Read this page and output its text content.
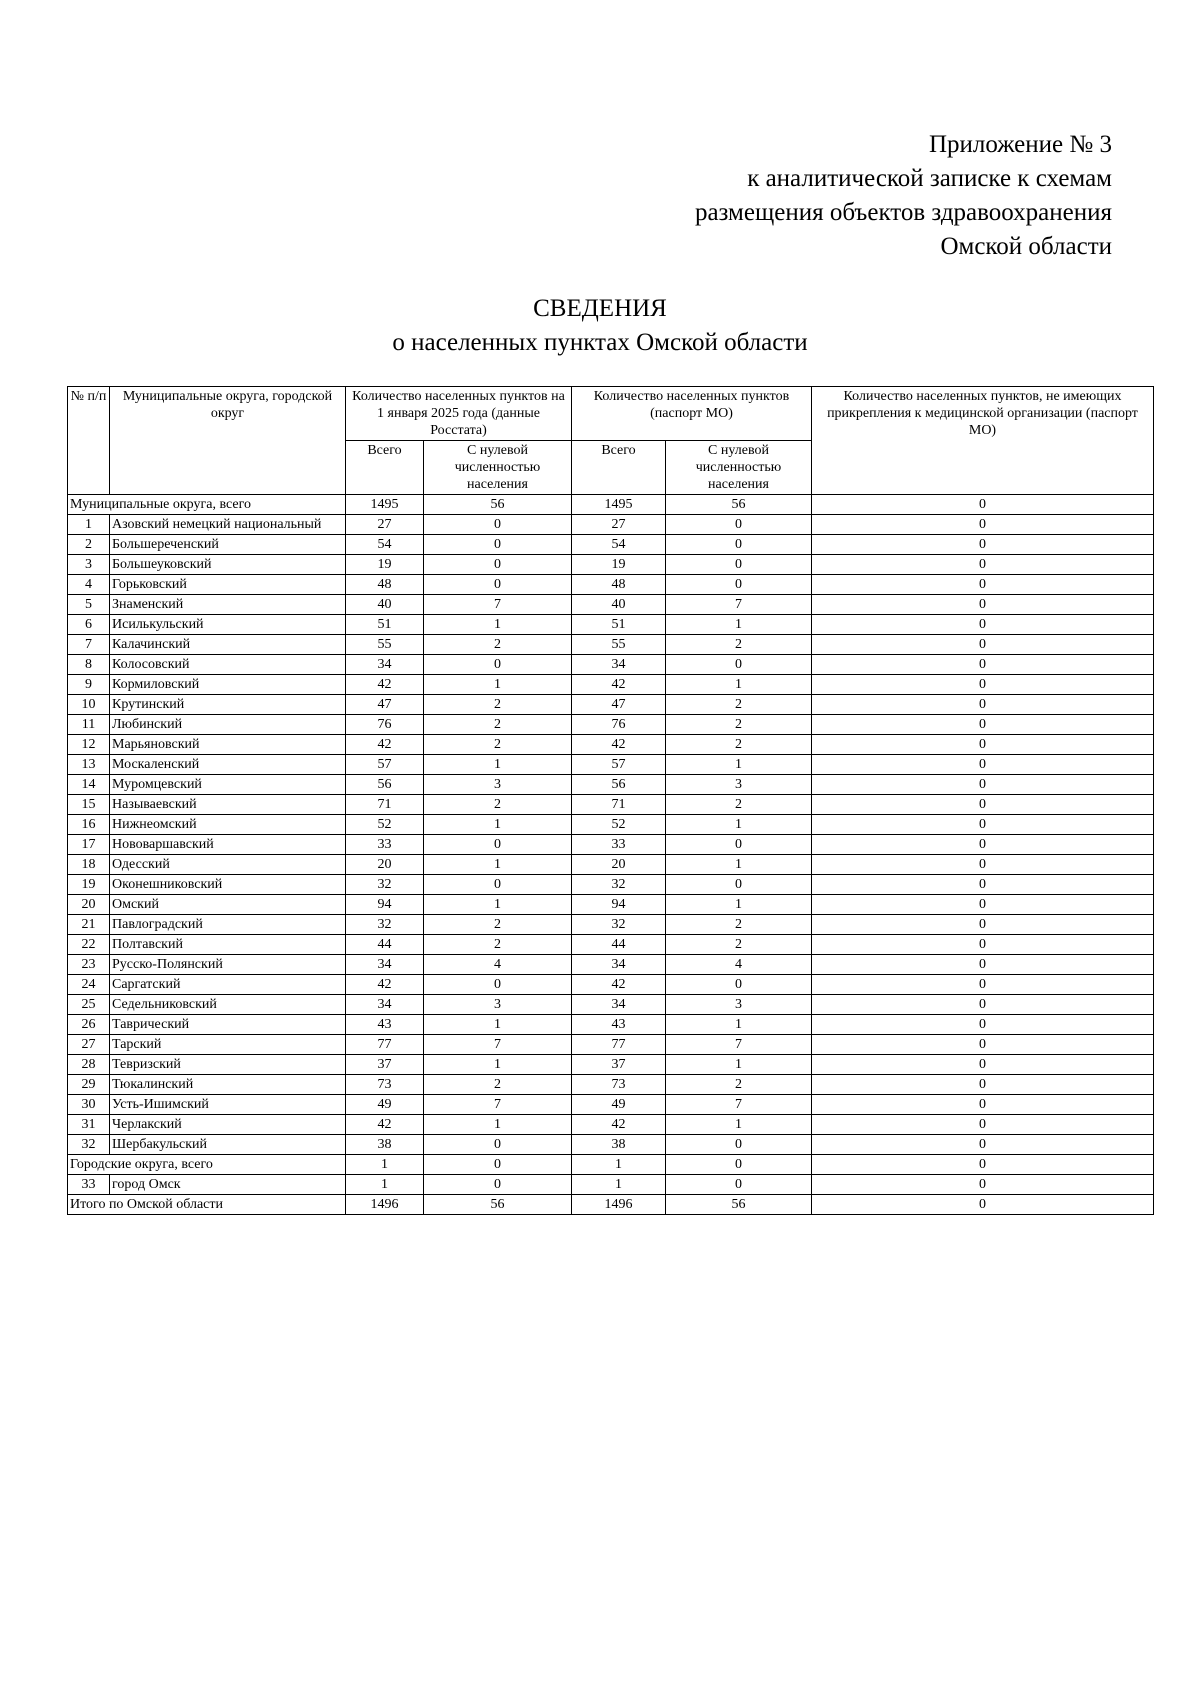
Приложение № 3
к аналитической записке к схемам
размещения объектов здравоохранения
Омской области
СВЕДЕНИЯ
о населенных пунктах Омской области
№ п/п	Муниципальные округа, городской округ	Количество населенных пунктов на 1 января 2025 года (данные Росстата)		Количество населенных пунктов (паспорт МО)		Количество населенных пунктов, не имеющих прикрепления к медицинской организации (паспорт МО)
		Всего	С нулевой численностью населения	Всего	С нулевой численностью населения	
Муниципальные округа, всего		1495	56	1495	56	0
1	Азовский немецкий национальный	27	0	27	0	0
2	Большереченский	54	0	54	0	0
3	Большеуковский	19	0	19	0	0
4	Горьковский	48	0	48	0	0
5	Знаменский	40	7	40	7	0
6	Исилькульский	51	1	51	1	0
7	Калачинский	55	2	55	2	0
8	Колосовский	34	0	34	0	0
9	Кормиловский	42	1	42	1	0
10	Крутинский	47	2	47	2	0
11	Любинский	76	2	76	2	0
12	Марьяновский	42	2	42	2	0
13	Москаленский	57	1	57	1	0
14	Муромцевский	56	3	56	3	0
15	Называевский	71	2	71	2	0
16	Нижнеомский	52	1	52	1	0
17	Нововаршавский	33	0	33	0	0
18	Одесский	20	1	20	1	0
19	Оконешниковский	32	0	32	0	0
20	Омский	94	1	94	1	0
21	Павлоградский	32	2	32	2	0
22	Полтавский	44	2	44	2	0
23	Русско-Полянский	34	4	34	4	0
24	Саргатский	42	0	42	0	0
25	Седельниковский	34	3	34	3	0
26	Таврический	43	1	43	1	0
27	Тарский	77	7	77	7	0
28	Тевризский	37	1	37	1	0
29	Тюкалинский	73	2	73	2	0
30	Усть-Ишимский	49	7	49	7	0
31	Черлакский	42	1	42	1	0
32	Шербакульский	38	0	38	0	0
Городские округа, всего		1	0	1	0	0
33	город Омск	1	0	1	0	0
Итого по Омской области		1496	56	1496	56	0
